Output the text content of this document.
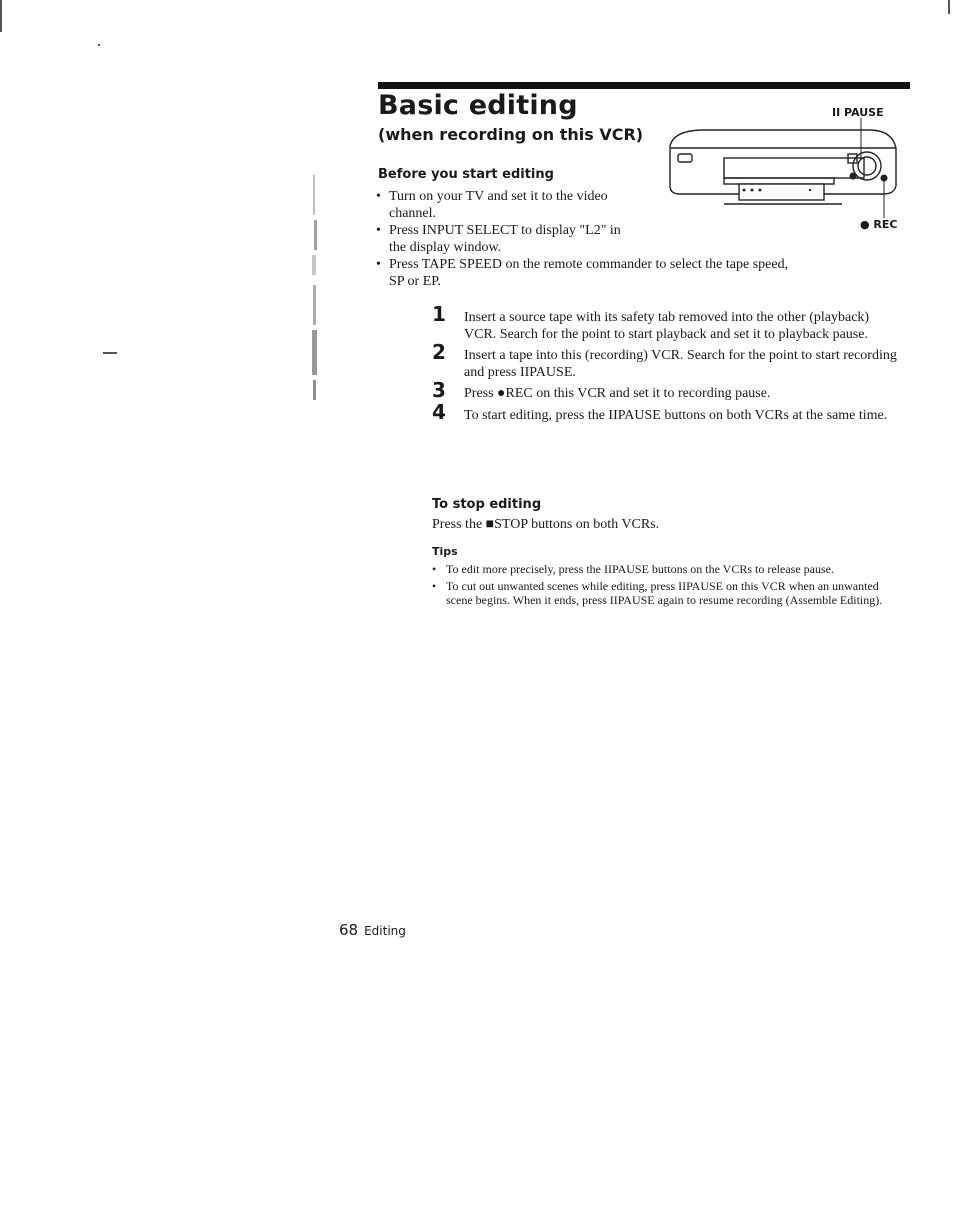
Basic editing
(when recording on this VCR)
II PAUSE
● REC
Before you start editing
• Turn on your TV and set it to the video channel.
• Press INPUT SELECT to display "L2" in the display window.
• Press TAPE SPEED on the remote commander to select the tape speed, SP or EP.
1 Insert a source tape with its safety tab removed into the other (playback) VCR. Search for the point to start playback and set it to playback pause.
2 Insert a tape into this (recording) VCR. Search for the point to start recording and press IIPAUSE.
3 Press ●REC on this VCR and set it to recording pause.
4 To start editing, press the IIPAUSE buttons on both VCRs at the same time.
To stop editing
Press the ■STOP buttons on both VCRs.
Tips
• To edit more precisely, press the IIPAUSE buttons on the VCRs to release pause.
• To cut out unwanted scenes while editing, press IIPAUSE on this VCR when an unwanted scene begins. When it ends, press IIPAUSE again to resume recording (Assemble Editing).
68 Editing
